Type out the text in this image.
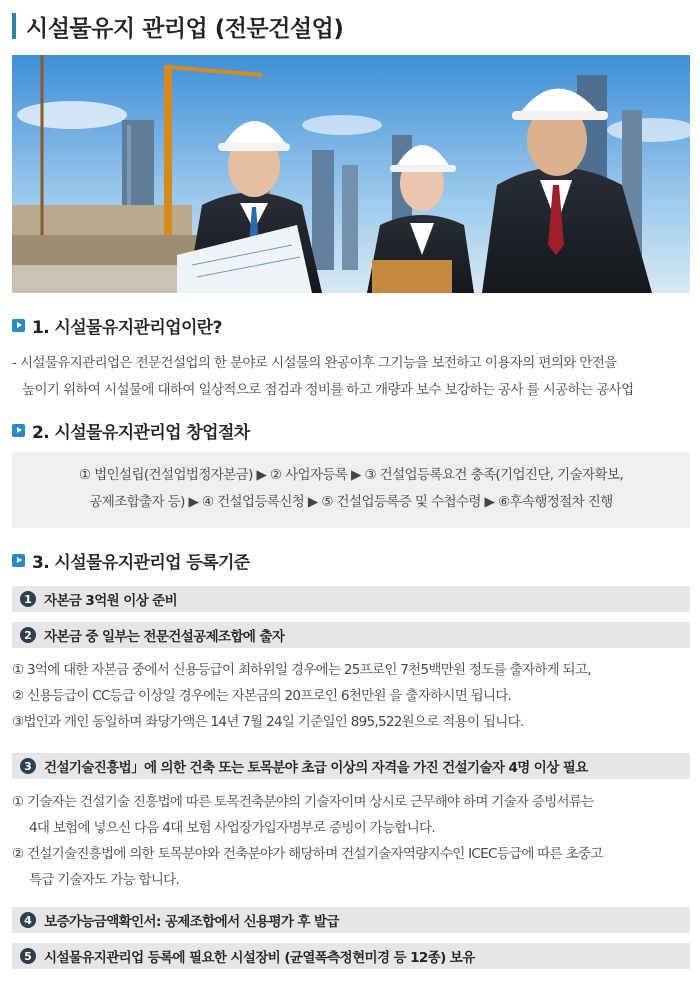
시설물유지 관리업 (전문건설업)
1. 시설물유지관리업이란?
- 시설물유지관리업은 전문건설업의 한 분야로 시설물의 완공이후 그기능을 보전하고 이용자의 편의와 안전을

높이기 위하여 시설물에 대하여 일상적으로 점검과 정비를 하고 개량과 보수 보강하는 공사 를 시공하는 공사업
2. 시설물유지관리업 창업절차
① 법인설립(건설업법정자본금) ▶ ② 사업자등록 ▶ ③ 건설업등록요건 충족(기업진단, 기술자확보,
공제조합출자 등) ▶ ④ 건설업등록신청 ▶ ⑤ 건설업등록증 및 수첩수령 ▶ ⑥후속행정절차 진행
3. 시설물유지관리업 등록기준
1 자본금 3억원 이상 준비
2 자본금 중 일부는 전문건설공제조합에 출자
① 3억에 대한 자본금 중에서 신용등급이 최하위일 경우에는 25프로인 7천5백만원 정도를 출자하게 되고,
② 신용등급이 CC등급 이상일 경우에는 자본금의 20프로인 6천만원 을 출자하시면 됩니다.
③법인과 개인 동일하며 좌당가액은 14년 7월 24일 기준일인 895,522원으로 적용이 됩니다.
3 건설기술진흥법」에 의한 건축 또는 토목분야 초급 이상의 자격을 가진 건설기술자 4명 이상 필요
① 기술자는 건설기술 진흥법에 따른 토목건축분야의 기술자이며 상시로 근무해야 하며 기술자 증빙서류는

4대 보험에 넣으신 다음 4대 보험 사업장가입자명부로 증빙이 가능합니다.
② 건설기술진흥법에 의한 토목분야와 건축분야가 해당하며 건설기술자역량지수인 ICEC등급에 따른 초중고

특급 기술자도 가능 합니다.
4 보증가능금액확인서: 공제조합에서 신용평가 후 발급
5 시설물유지관리업 등록에 필요한 시설장비 (균열폭측정현미경 등 12종) 보유
